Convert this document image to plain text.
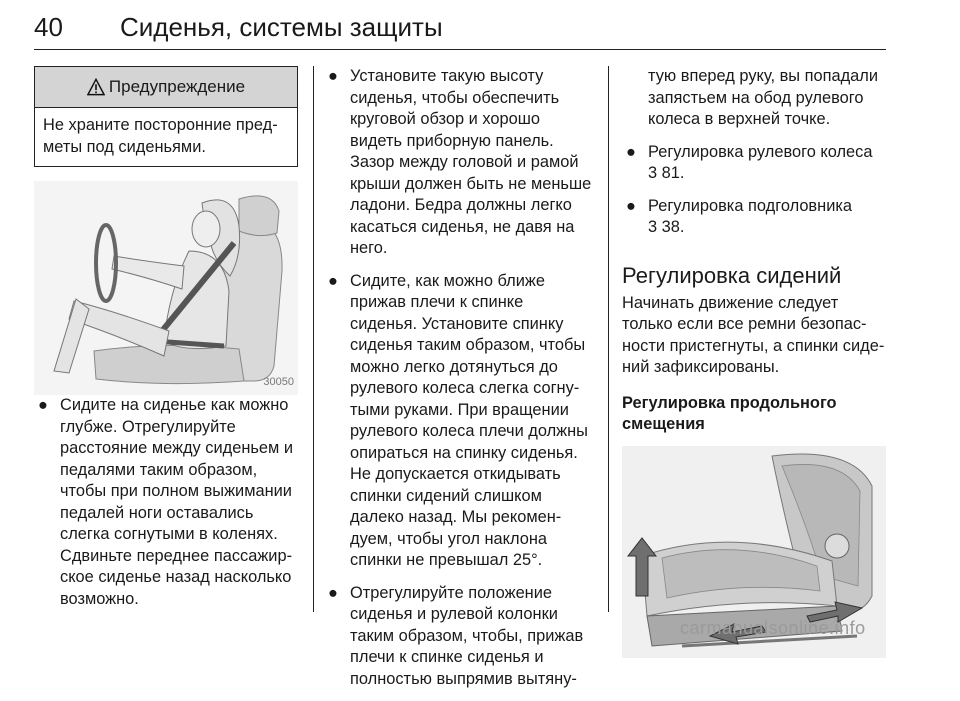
40 Сиденья, системы защиты
Предупреждение
Не храните посторонние пред-
меты под сиденьями.
30050
● Сидите на сиденье как можно глубже. Отрегулируйте расстояние между сиденьем и педалями таким образом, чтобы при полном выжимании педалей ноги оставались слегка согнутыми в коленях. Сдвиньте переднее пассажир-ское сиденье назад насколько возможно.
● Установите такую высоту сиденья, чтобы обеспечить круговой обзор и хорошо видеть приборную панель. Зазор между головой и рамой крыши должен быть не меньше ладони. Бедра должны легко касаться сиденья, не давя на него.
● Сидите, как можно ближе прижав плечи к спинке сиденья. Установите спинку сиденья таким образом, чтобы можно легко дотянуться до рулевого колеса слегка согну-тыми руками. При вращении рулевого колеса плечи должны опираться на спинку сиденья. Не допускается откидывать спинки сидений слишком далеко назад. Мы рекомен-дуем, чтобы угол наклона спинки не превышал 25°.
● Отрегулируйте положение сиденья и рулевой колонки таким образом, чтобы, прижав плечи к спинке сиденья и полностью выпрямив вытяну-
тую вперед руку, вы попадали запястьем на обод рулевого колеса в верхней точке.
● Регулировка рулевого колеса
3 81.
● Регулировка подголовника
3 38.
Регулировка сидений
Начинать движение следует только если все ремни безопас-ности пристегнуты, а спинки сиде-ний зафиксированы.
Регулировка продольного смещения
carmanualsonline.info
